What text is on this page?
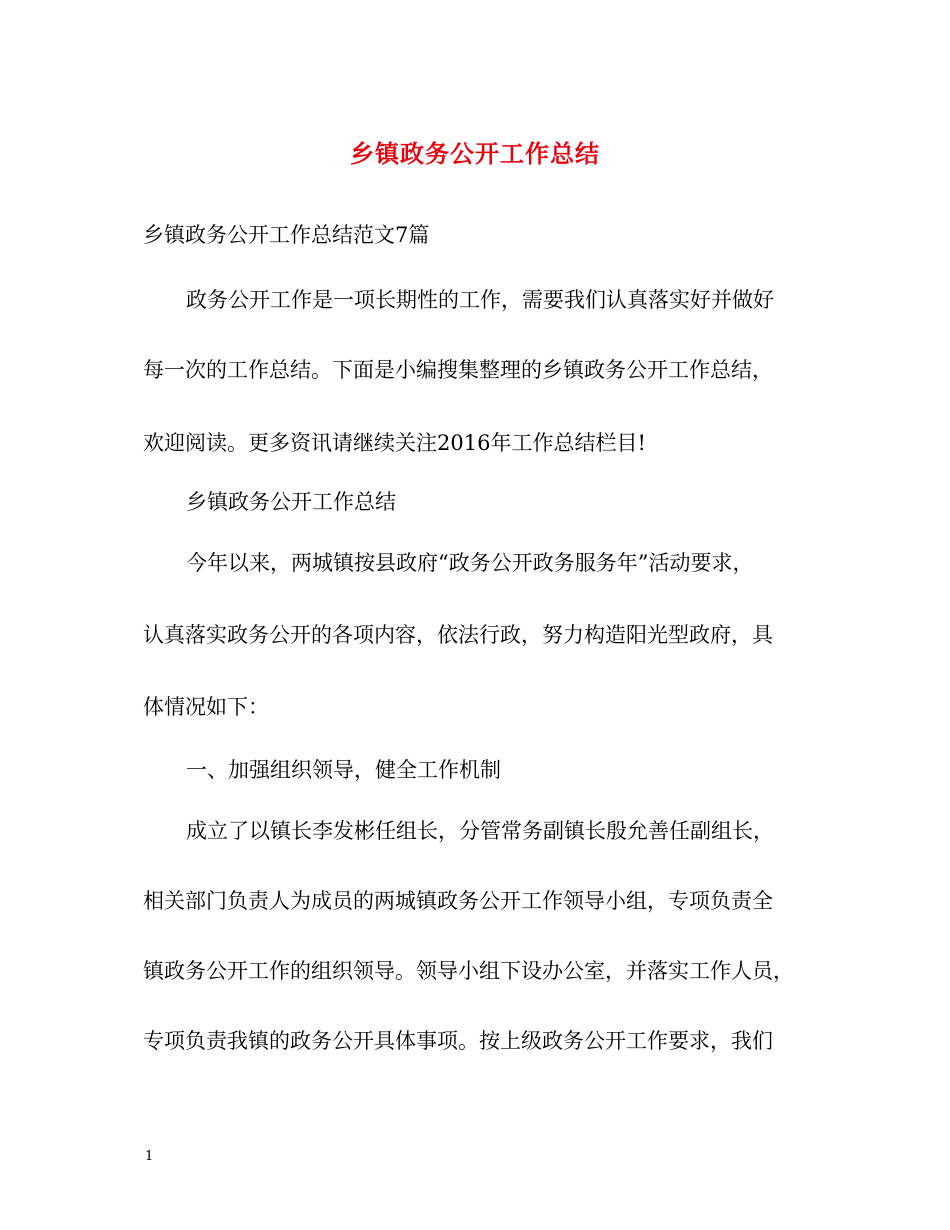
乡镇政务公开工作总结
乡镇政务公开工作总结范文7篇
政务公开工作是一项长期性的工作，需要我们认真落实好并做好
每一次的工作总结。下面是小编搜集整理的乡镇政务公开工作总结，
欢迎阅读。更多资讯请继续关注2016年工作总结栏目!
乡镇政务公开工作总结
今年以来，两城镇按县政府“政务公开政务服务年”活动要求，
认真落实政务公开的各项内容，依法行政，努力构造阳光型政府，具
体情况如下：
一、加强组织领导，健全工作机制
成立了以镇长李发彬任组长，分管常务副镇长殷允善任副组长，
相关部门负责人为成员的两城镇政务公开工作领导小组，专项负责全
镇政务公开工作的组织领导。领导小组下设办公室，并落实工作人员，
专项负责我镇的政务公开具体事项。按上级政务公开工作要求，我们
1
